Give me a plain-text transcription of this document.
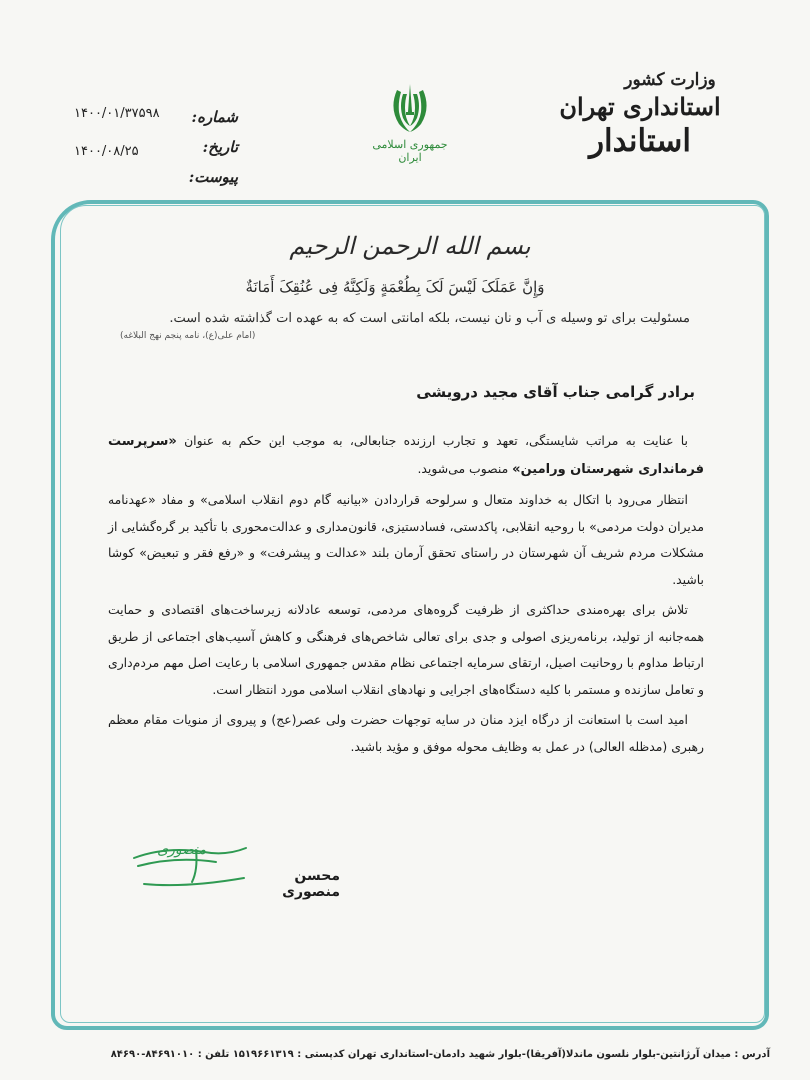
وزارت کشور
استانداری تهران
استاندار
جمهوری اسلامی ایران
شماره:
تاریخ:
پیوست:
۱۴۰۰/۰۱/۳۷۵۹۸
۱۴۰۰/۰۸/۲۵
بسم الله الرحمن الرحیم
وَإِنَّ عَمَلَکَ لَیْسَ لَکَ بِطُعْمَةٍ وَلَکِنَّهُ فِی عُنُقِکَ أَمَانَةٌ
مسئولیت برای تو وسیله ی آب و نان نیست، بلکه امانتی است که به عهده ات گذاشته شده است.
(امام علی(ع)، نامه پنجم نهج البلاغه)
برادر گرامی جناب آقای مجید درویشی

با عنایت به مراتب شایستگی، تعهد و تجارب ارزنده جنابعالی، به موجب این حکم به عنوان «سرپرست فرمانداری شهرستان ورامین» منصوب می‌شوید.

انتظار می‌رود با اتکال به خداوند متعال و سرلوحه قراردادن «بیانیه گام دوم انقلاب اسلامی» و مفاد «عهدنامه مدیران دولت مردمی» با روحیه انقلابی، پاکدستی، فسادستیزی، قانون‌مداری و عدالت‌محوری با تأکید بر گره‌گشایی از مشکلات مردم شریف آن شهرستان در راستای تحقق آرمان بلند «عدالت و پیشرفت» و «رفع فقر و تبعیض» کوشا باشید.

تلاش برای بهره‌مندی حداکثری از ظرفیت گروه‌های مردمی، توسعه عادلانه زیرساخت‌های اقتصادی و حمایت همه‌جانبه از تولید، برنامه‌ریزی اصولی و جدی برای تعالی شاخص‌های فرهنگی و کاهش آسیب‌های اجتماعی از طریق ارتباط مداوم با روحانیت اصیل، ارتقای سرمایه اجتماعی نظام مقدس جمهوری اسلامی با رعایت اصل مهم مردم‌داری و تعامل سازنده و مستمر با کلیه دستگاه‌های اجرایی و نهادهای انقلاب اسلامی مورد انتظار است.

امید است با استعانت از درگاه ایزد منان در سایه توجهات حضرت ولی عصر(عج) و پیروی از منویات مقام معظم رهبری (مدظله العالی) در عمل به وظایف محوله موفق و مؤید باشید.

منصوری
محسن منصوری
آدرس : میدان آرژانتین-بلوار نلسون ماندلا(آفریقا)-بلوار شهید دادمان-استانداری تهران کدپستی : ۱۵۱۹۶۶۱۳۱۹ تلفن : ۸۴۶۹۱۰۱۰-۸۴۶۹۰
